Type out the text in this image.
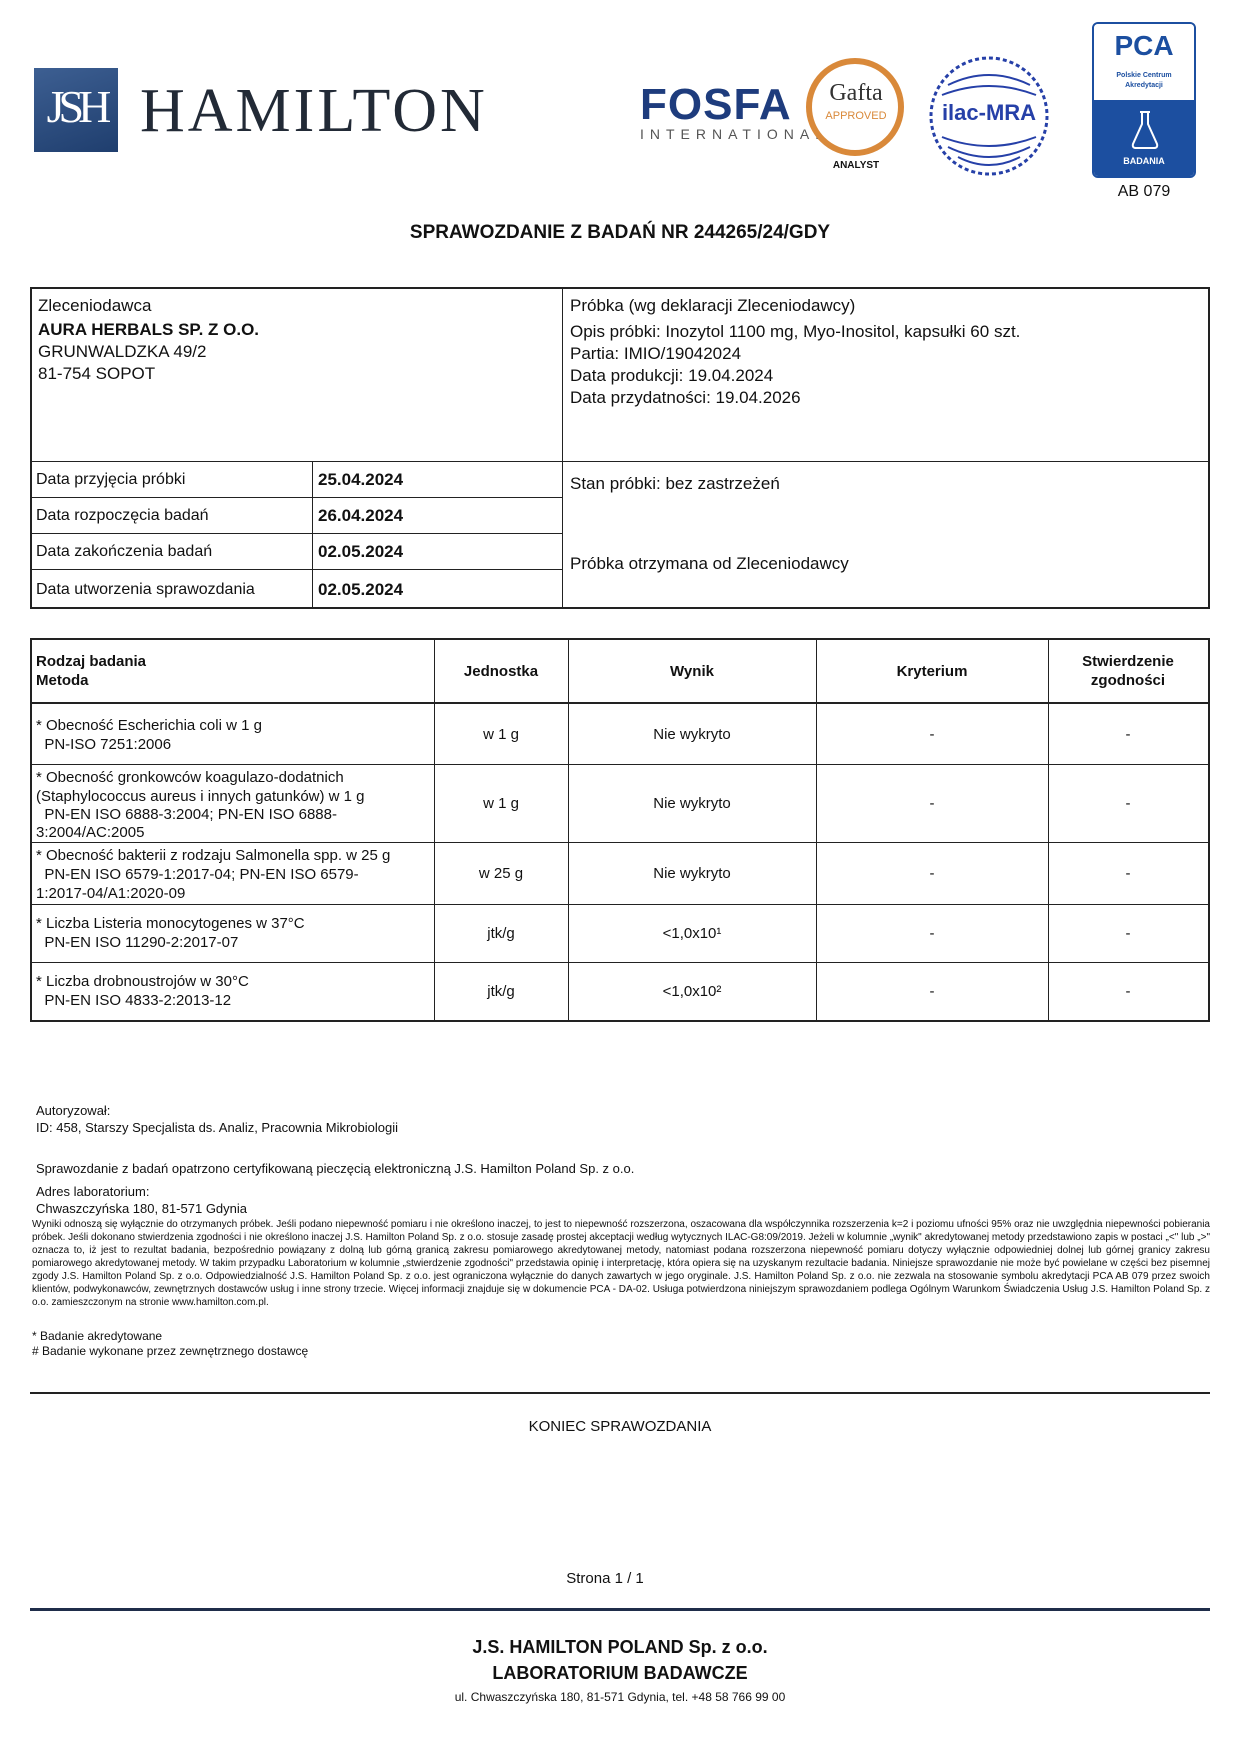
JSH HAMILTON	FOSFA
INTERNATIONAL
Gafta
APPROVED
ANALYST
ilac-MRA
PCA
Polskie Centrum
Akredytacji
BADANIA
AB 079
SPRAWOZDANIE Z BADAŃ NR 244265/24/GDY
Zleceniodawca
AURA HERBALS SP. Z O.O.
GRUNWALDZKA 49/2
81-754 SOPOT
Próbka (wg deklaracji Zleceniodawcy)
Opis próbki: Inozytol 1100 mg, Myo-Inositol, kapsułki 60 szt.
Partia: IMIO/19042024
Data produkcji: 19.04.2024
Data przydatności: 19.04.2026
Data przyjęcia próbki	25.04.2024
Data rozpoczęcia badań	26.04.2024
Data zakończenia badań	02.05.2024
Data utworzenia sprawozdania	02.05.2024
Stan próbki: bez zastrzeżeń
Próbka otrzymana od Zleceniodawcy
Rodzaj badania
Metoda
Jednostka	Wynik	Kryterium
Stwierdzenie
zgodności
* Obecność Escherichia coli w 1 g
PN-ISO 7251:2006
w 1 g	Nie wykryto	-	-
* Obecność gronkowców koagulazo-dodatnich
(Staphylococcus aureus i innych gatunków) w 1 g
PN-EN ISO 6888-3:2004; PN-EN ISO 6888-
3:2004/AC:2005
w 1 g	Nie wykryto	-	-
* Obecność bakterii z rodzaju Salmonella spp. w 25 g
PN-EN ISO 6579-1:2017-04; PN-EN ISO 6579-
1:2017-04/A1:2020-09
w 25 g	Nie wykryto	-	-
* Liczba Listeria monocytogenes w 37°C
PN-EN ISO 11290-2:2017-07
jtk/g	<1,0x10¹	-	-
* Liczba drobnoustrojów w 30°C
PN-EN ISO 4833-2:2013-12
jtk/g	<1,0x10²	-	-
Autoryzował:
ID: 458, Starszy Specjalista ds. Analiz, Pracownia Mikrobiologii
Sprawozdanie z badań opatrzono certyfikowaną pieczęcią elektroniczną J.S. Hamilton Poland Sp. z o.o.
Adres laboratorium:
Chwaszczyńska 180, 81-571 Gdynia
Wyniki odnoszą się wyłącznie do otrzymanych próbek. Jeśli podano niepewność pomiaru i nie określono inaczej, to jest to niepewność rozszerzona, oszacowana dla współczynnika rozszerzenia k=2 i poziomu ufności 95% oraz nie uwzględnia niepewności pobierania próbek. Jeśli dokonano stwierdzenia zgodności i nie określono inaczej J.S. Hamilton Poland Sp. z o.o. stosuje zasadę prostej akceptacji według wytycznych ILAC-G8:09/2019. Jeżeli w kolumnie „wynik" akredytowanej metody przedstawiono zapis w postaci „<" lub „>" oznacza to, iż jest to rezultat badania, bezpośrednio powiązany z dolną lub górną granicą zakresu pomiarowego akredytowanej metody, natomiast podana rozszerzona niepewność pomiaru dotyczy wyłącznie odpowiedniej dolnej lub górnej granicy zakresu pomiarowego akredytowanej metody. W takim przypadku Laboratorium w kolumnie „stwierdzenie zgodności" przedstawia opinię i interpretację, która opiera się na uzyskanym rezultacie badania. Niniejsze sprawozdanie nie może być powielane w części bez pisemnej zgody J.S. Hamilton Poland Sp. z o.o. Odpowiedzialność J.S. Hamilton Poland Sp. z o.o. jest ograniczona wyłącznie do danych zawartych w jego oryginale. J.S. Hamilton Poland Sp. z o.o. nie zezwala na stosowanie symbolu akredytacji PCA AB 079 przez swoich klientów, podwykonawców, zewnętrznych dostawców usług i inne strony trzecie. Więcej informacji znajduje się w dokumencie PCA - DA-02. Usługa potwierdzona niniejszym sprawozdaniem podlega Ogólnym Warunkom Świadczenia Usług J.S. Hamilton Poland Sp. z o.o. zamieszczonym na stronie www.hamilton.com.pl.
* Badanie akredytowane
# Badanie wykonane przez zewnętrznego dostawcę
KONIEC SPRAWOZDANIA
Strona 1 / 1
J.S. HAMILTON POLAND Sp. z o.o.
LABORATORIUM BADAWCZE
ul. Chwaszczyńska 180, 81-571 Gdynia, tel. +48 58 766 99 00
